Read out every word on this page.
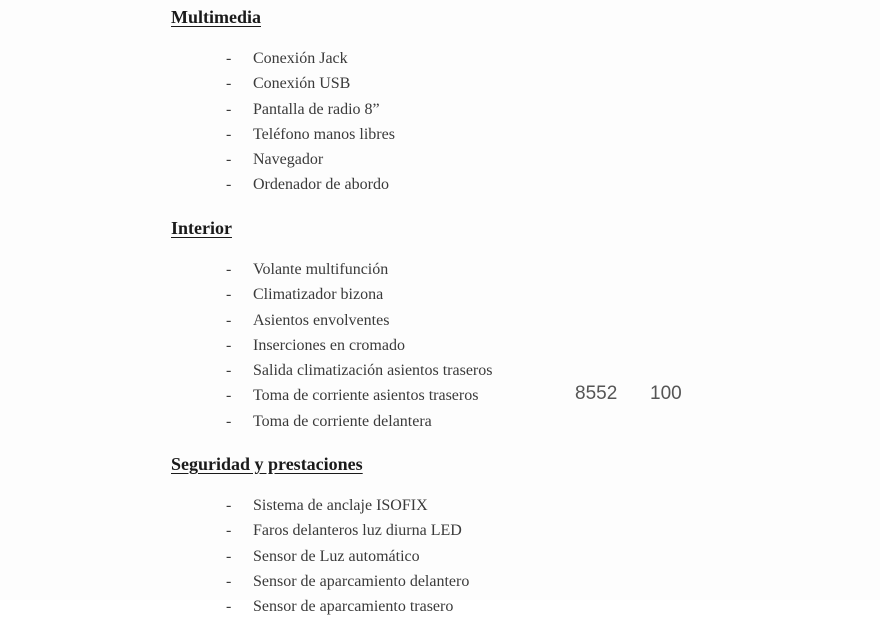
Multimedia
- Conexión Jack
- Conexión USB
- Pantalla de radio 8”
- Teléfono manos libres
- Navegador
- Ordenador de abordo
Interior
- Volante multifunción
- Climatizador bizona
- Asientos envolventes
- Inserciones en cromado
- Salida climatización asientos traseros
- Toma de corriente asientos traseros
- Toma de corriente delantera
Seguridad y prestaciones
- Sistema de anclaje ISOFIX
- Faros delanteros luz diurna LED
- Sensor de Luz automático
- Sensor de aparcamiento delantero
- Sensor de aparcamiento trasero
8552 100
